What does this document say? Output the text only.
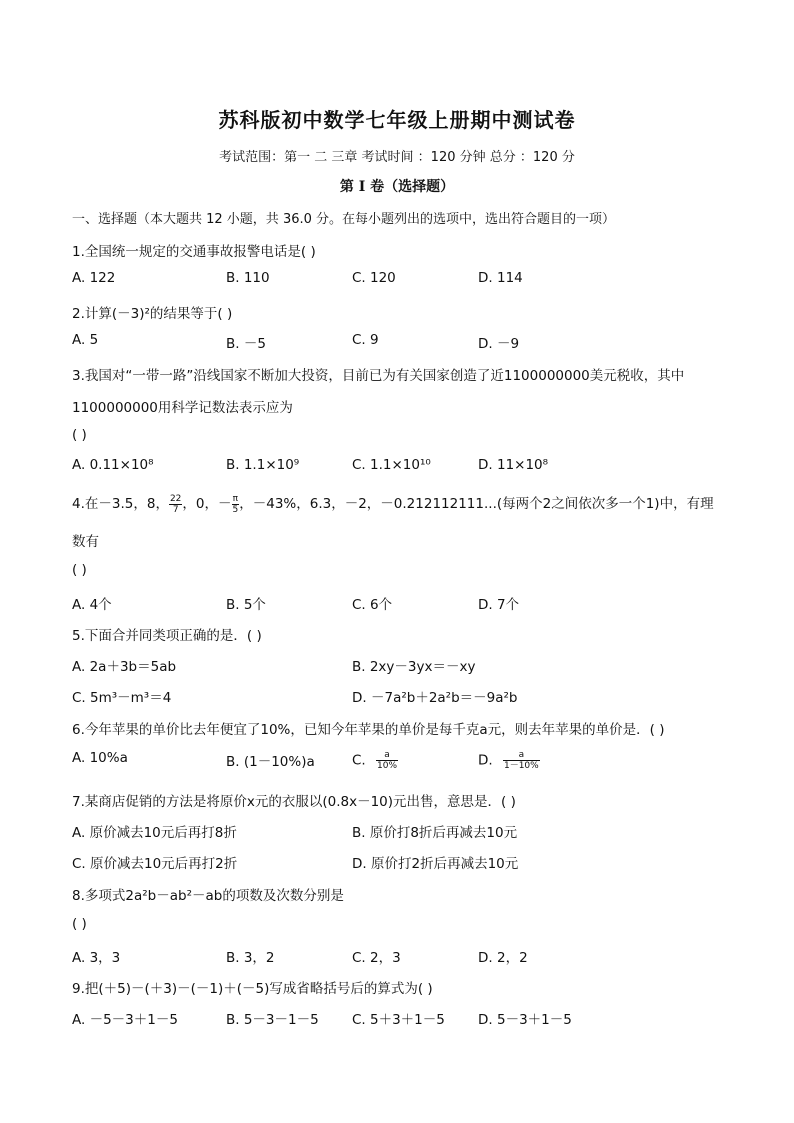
苏科版初中数学七年级上册期中测试卷
考试范围：第一 二 三章 考试时间 ：120 分钟 总分 ：120 分
第 I 卷（选择题）
一、选择题（本大题共 12 小题，共 36.0 分。在每小题列出的选项中，选出符合题目的一项）
1.全国统一规定的交通事故报警电话是( )
A. 122	B. 110	C. 120	D. 114
2.计算(－3)²的结果等于( )
A. 5	B. －5	C. 9	D. －9
3.我国对“一带一路”沿线国家不断加大投资，目前已为有关国家创造了近1100000000美元税收，其中
1100000000用科学记数法表示应为
( )
A. 0.11×10⁸	B. 1.1×10⁹	C. 1.1×10¹⁰	D. 11×10⁸
4.在－3.5，8， $\frac{22}{7}$ ，0，－ $\frac{\pi}{5}$ ，－43%，6.3，－2，－0.212112111...(每两个2之间依次多一个1)中，有理
数有
( )
A. 4个	B. 5个	C. 6个	D. 7个
5.下面合并同类项正确的是．( )
A. 2a＋3b＝5ab	B. 2xy－3yx＝－xy
C. 5m³－m³＝4	D. －7a²b＋2a²b＝－9a²b
6.今年苹果的单价比去年便宜了10%，已知今年苹果的单价是每千克a元，则去年苹果的单价是．( )
A. 10%a	B. (1－10%)a	C. $\frac{a}{10\%}$	D. $\frac{a}{1-10\%}$
7.某商店促销的方法是将原价x元的衣服以(0.8x－10)元出售，意思是．( )
A. 原价减去10元后再打8折	B. 原价打8折后再减去10元
C. 原价减去10元后再打2折	D. 原价打2折后再减去10元
8.多项式2a²b－ab²－ab的项数及次数分别是
( )
A. 3，3	B. 3，2	C. 2，3	D. 2，2
9.把(＋5)－(＋3)－(－1)＋(－5)写成省略括号后的算式为( )
A. －5－3＋1－5	B. 5－3－1－5 C. 5＋3＋1－5 D. 5－3＋1－5
